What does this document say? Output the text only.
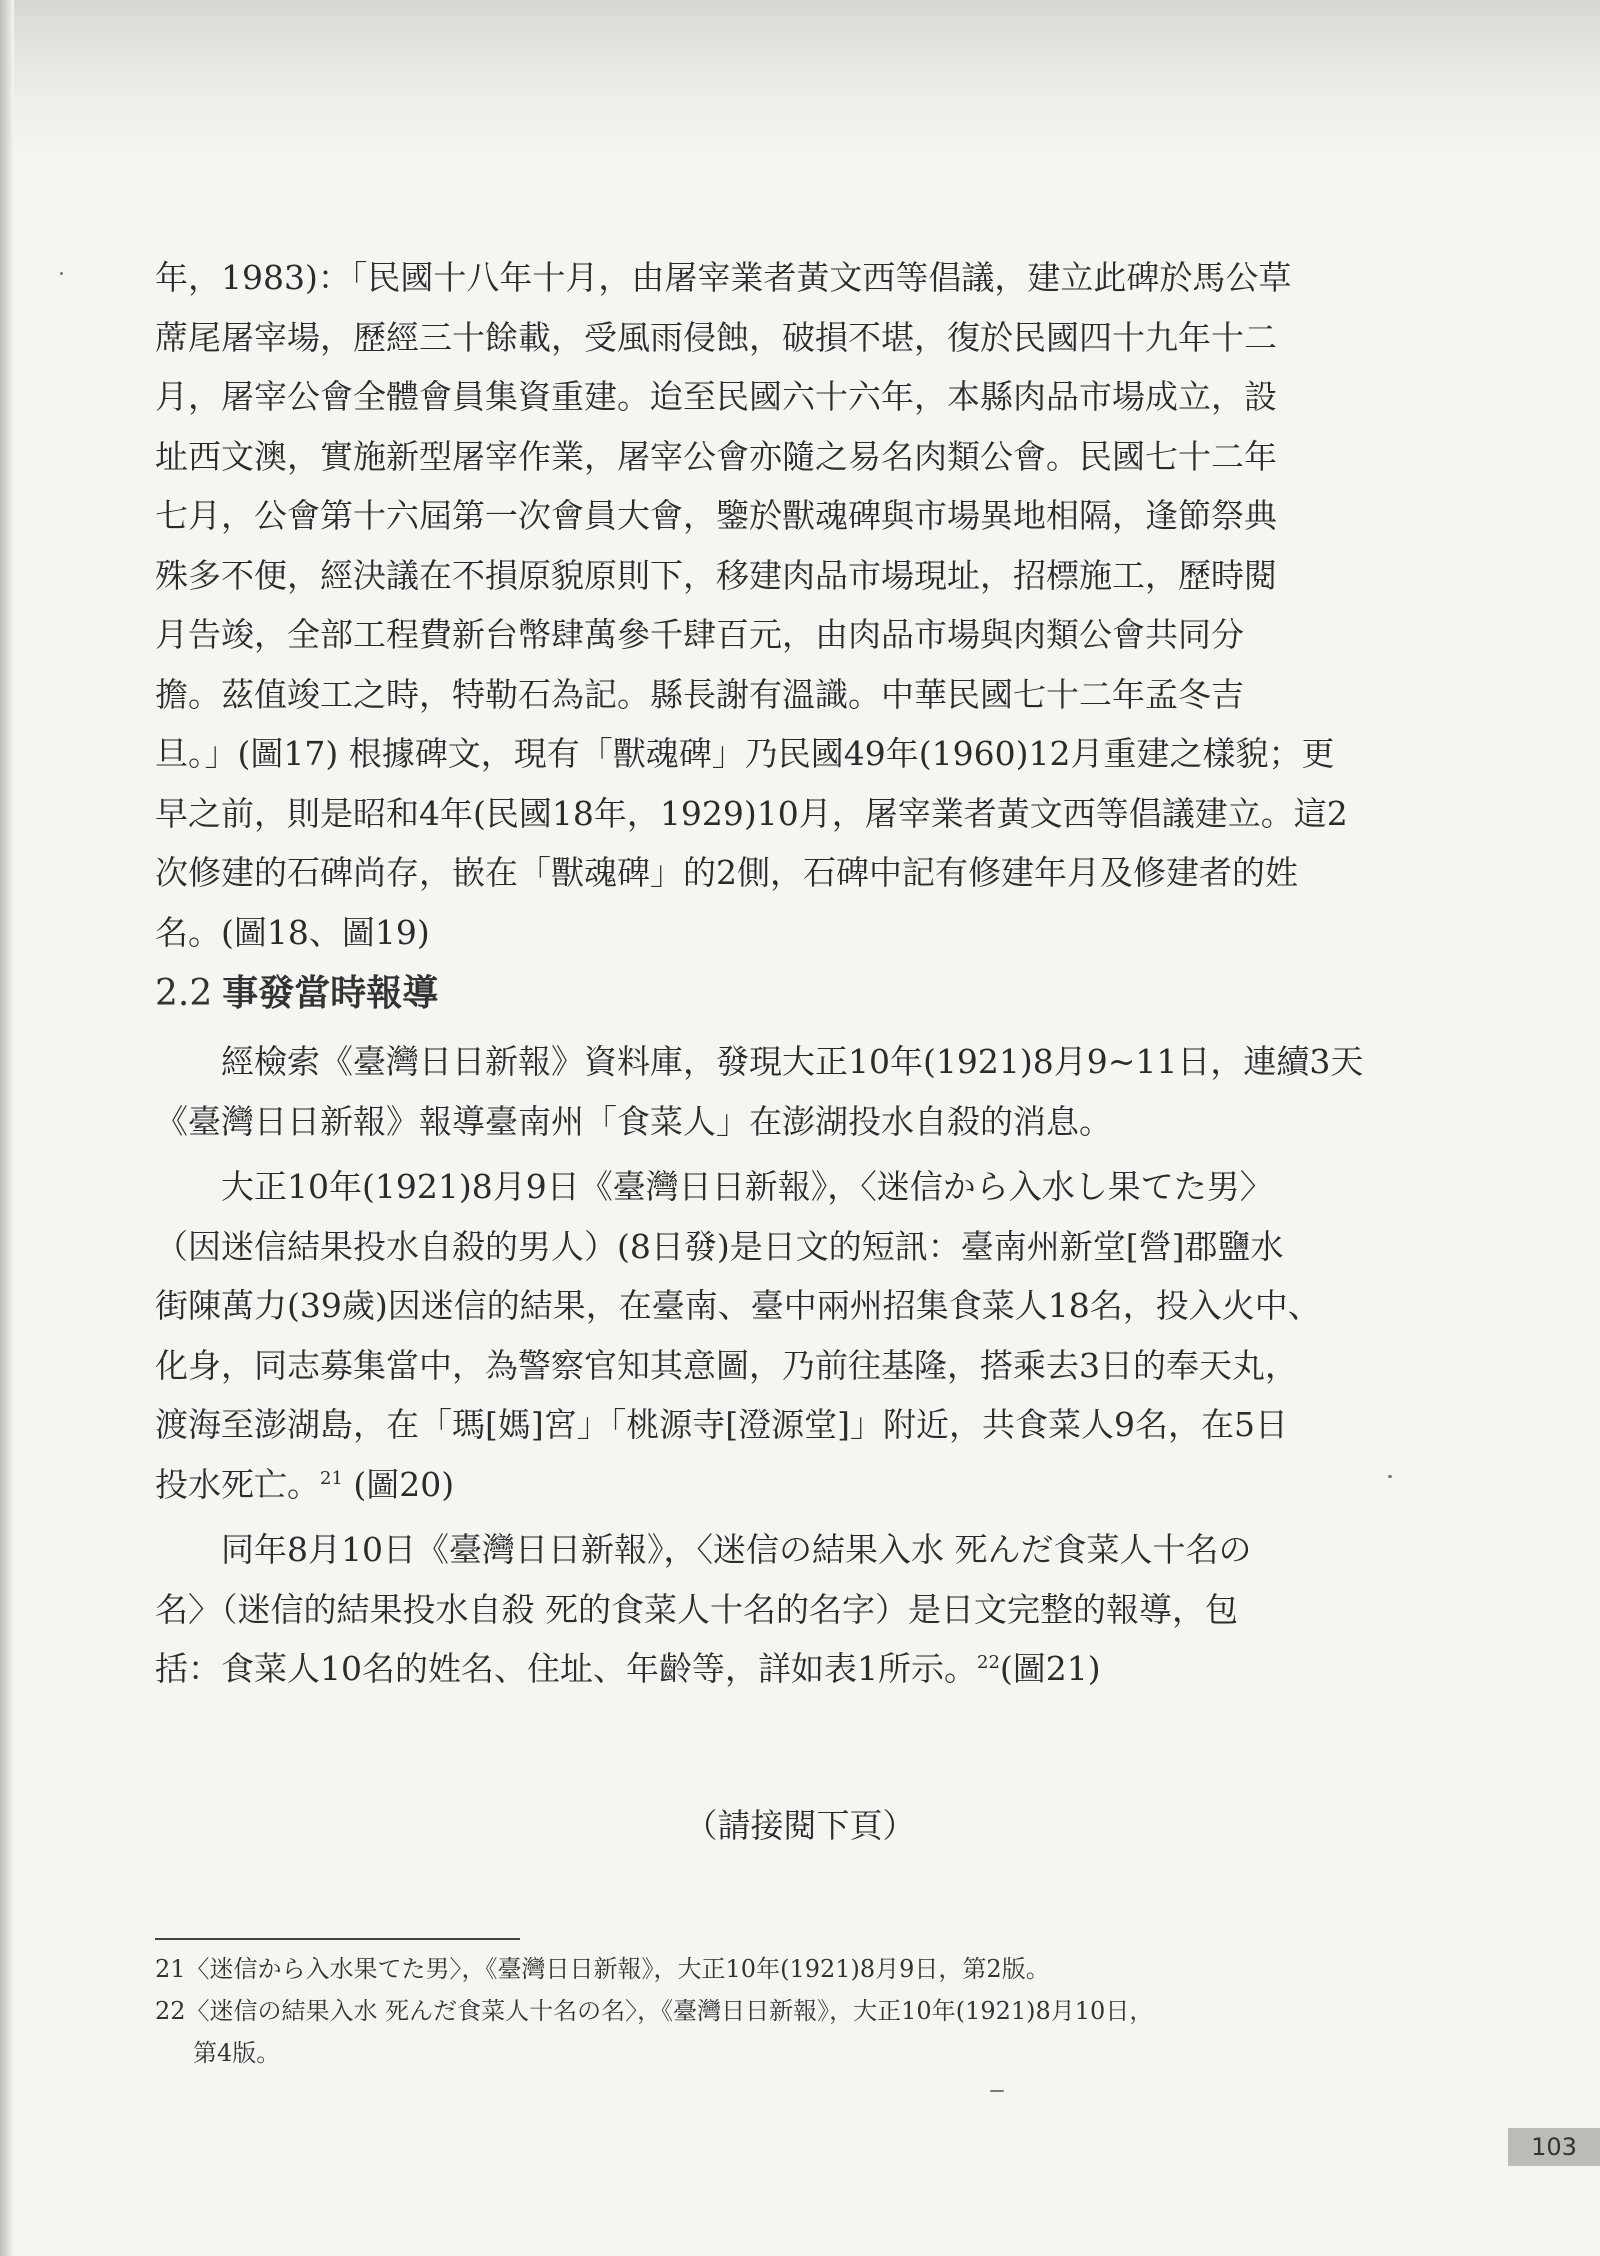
年，1983)：「民國十八年十月，由屠宰業者黃文西等倡議，建立此碑於馬公草
蓆尾屠宰場，歷經三十餘載，受風雨侵蝕，破損不堪，復於民國四十九年十二
月，屠宰公會全體會員集資重建。迨至民國六十六年，本縣肉品市場成立，設
址西文澳，實施新型屠宰作業，屠宰公會亦隨之易名肉類公會。民國七十二年
七月，公會第十六屆第一次會員大會，鑒於獸魂碑與市場異地相隔，逢節祭典
殊多不便，經決議在不損原貌原則下，移建肉品市場現址，招標施工，歷時閱
月告竣，全部工程費新台幣肆萬參千肆百元，由肉品市場與肉類公會共同分
擔。茲值竣工之時，特勒石為記。縣長謝有溫識。中華民國七十二年孟冬吉
旦。」(圖17) 根據碑文，現有「獸魂碑」乃民國49年(1960)12月重建之樣貌；更
早之前，則是昭和4年(民國18年，1929)10月，屠宰業者黃文西等倡議建立。這2
次修建的石碑尚存，嵌在「獸魂碑」的2側，石碑中記有修建年月及修建者的姓
名。(圖18、圖19)

2.2 事發當時報導

經檢索《臺灣日日新報》資料庫，發現大正10年(1921)8月9~11日，連續3天
《臺灣日日新報》報導臺南州「食菜人」在澎湖投水自殺的消息。

大正10年(1921)8月9日《臺灣日日新報》，〈迷信から入水し果てた男〉
（因迷信結果投水自殺的男人）(8日發)是日文的短訊：臺南州新堂[營]郡鹽水
街陳萬力(39歲)因迷信的結果，在臺南、臺中兩州招集食菜人18名，投入火中、
化身，同志募集當中，為警察官知其意圖，乃前往基隆，搭乘去3日的奉天丸，
渡海至澎湖島，在「瑪[媽]宮」「桃源寺[澄源堂]」附近，共食菜人9名，在5日
投水死亡。$^{21}$ (圖20)

同年8月10日《臺灣日日新報》，〈迷信の結果入水 死んだ食菜人十名の
名〉（迷信的結果投水自殺 死的食菜人十名的名字）是日文完整的報導，包
括：食菜人10名的姓名、住址、年齡等，詳如表1所示。$^{22}$(圖21)

（請接閱下頁）
21〈迷信から入水果てた男〉，《臺灣日日新報》，大正10年(1921)8月9日，第2版。
22〈迷信の結果入水 死んだ食菜人十名の名〉，《臺灣日日新報》，大正10年(1921)8月10日，
第4版。
103
